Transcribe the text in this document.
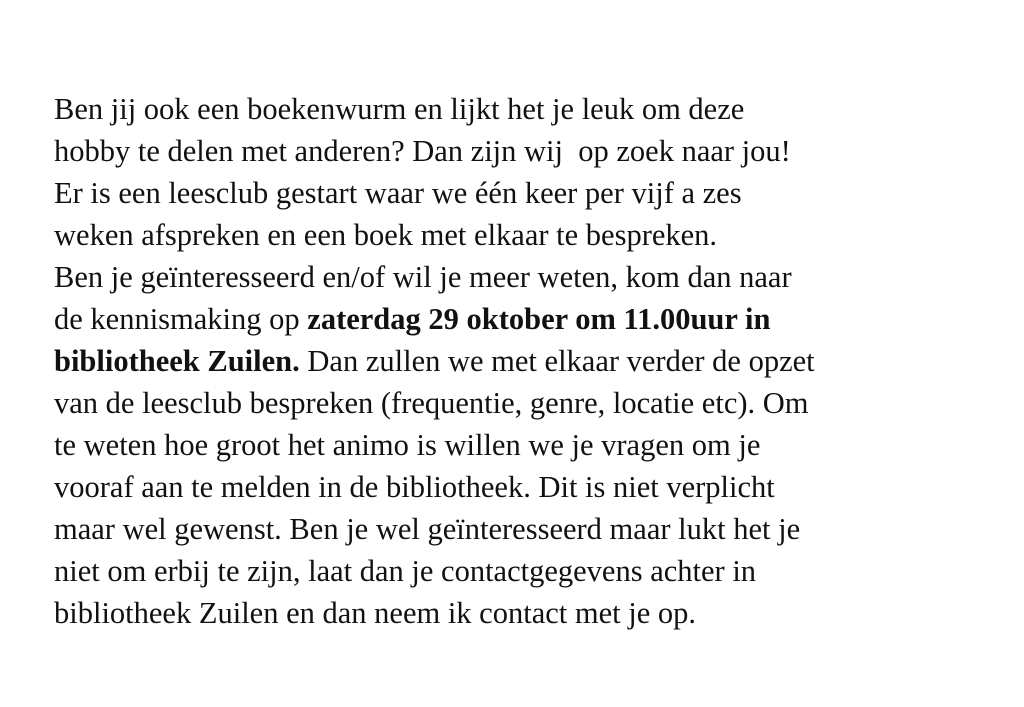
Ben jij ook een boekenwurm en lijkt het je leuk om deze
hobby te delen met anderen? Dan zijn wij  op zoek naar jou!
Er is een leesclub gestart waar we één keer per vijf a zes
weken afspreken en een boek met elkaar te bespreken.
Ben je geïnteresseerd en/of wil je meer weten, kom dan naar
de kennismaking op zaterdag 29 oktober om 11.00uur in
bibliotheek Zuilen. Dan zullen we met elkaar verder de opzet
van de leesclub bespreken (frequentie, genre, locatie etc). Om
te weten hoe groot het animo is willen we je vragen om je
vooraf aan te melden in de bibliotheek. Dit is niet verplicht
maar wel gewenst. Ben je wel geïnteresseerd maar lukt het je
niet om erbij te zijn, laat dan je contactgegevens achter in
bibliotheek Zuilen en dan neem ik contact met je op.
